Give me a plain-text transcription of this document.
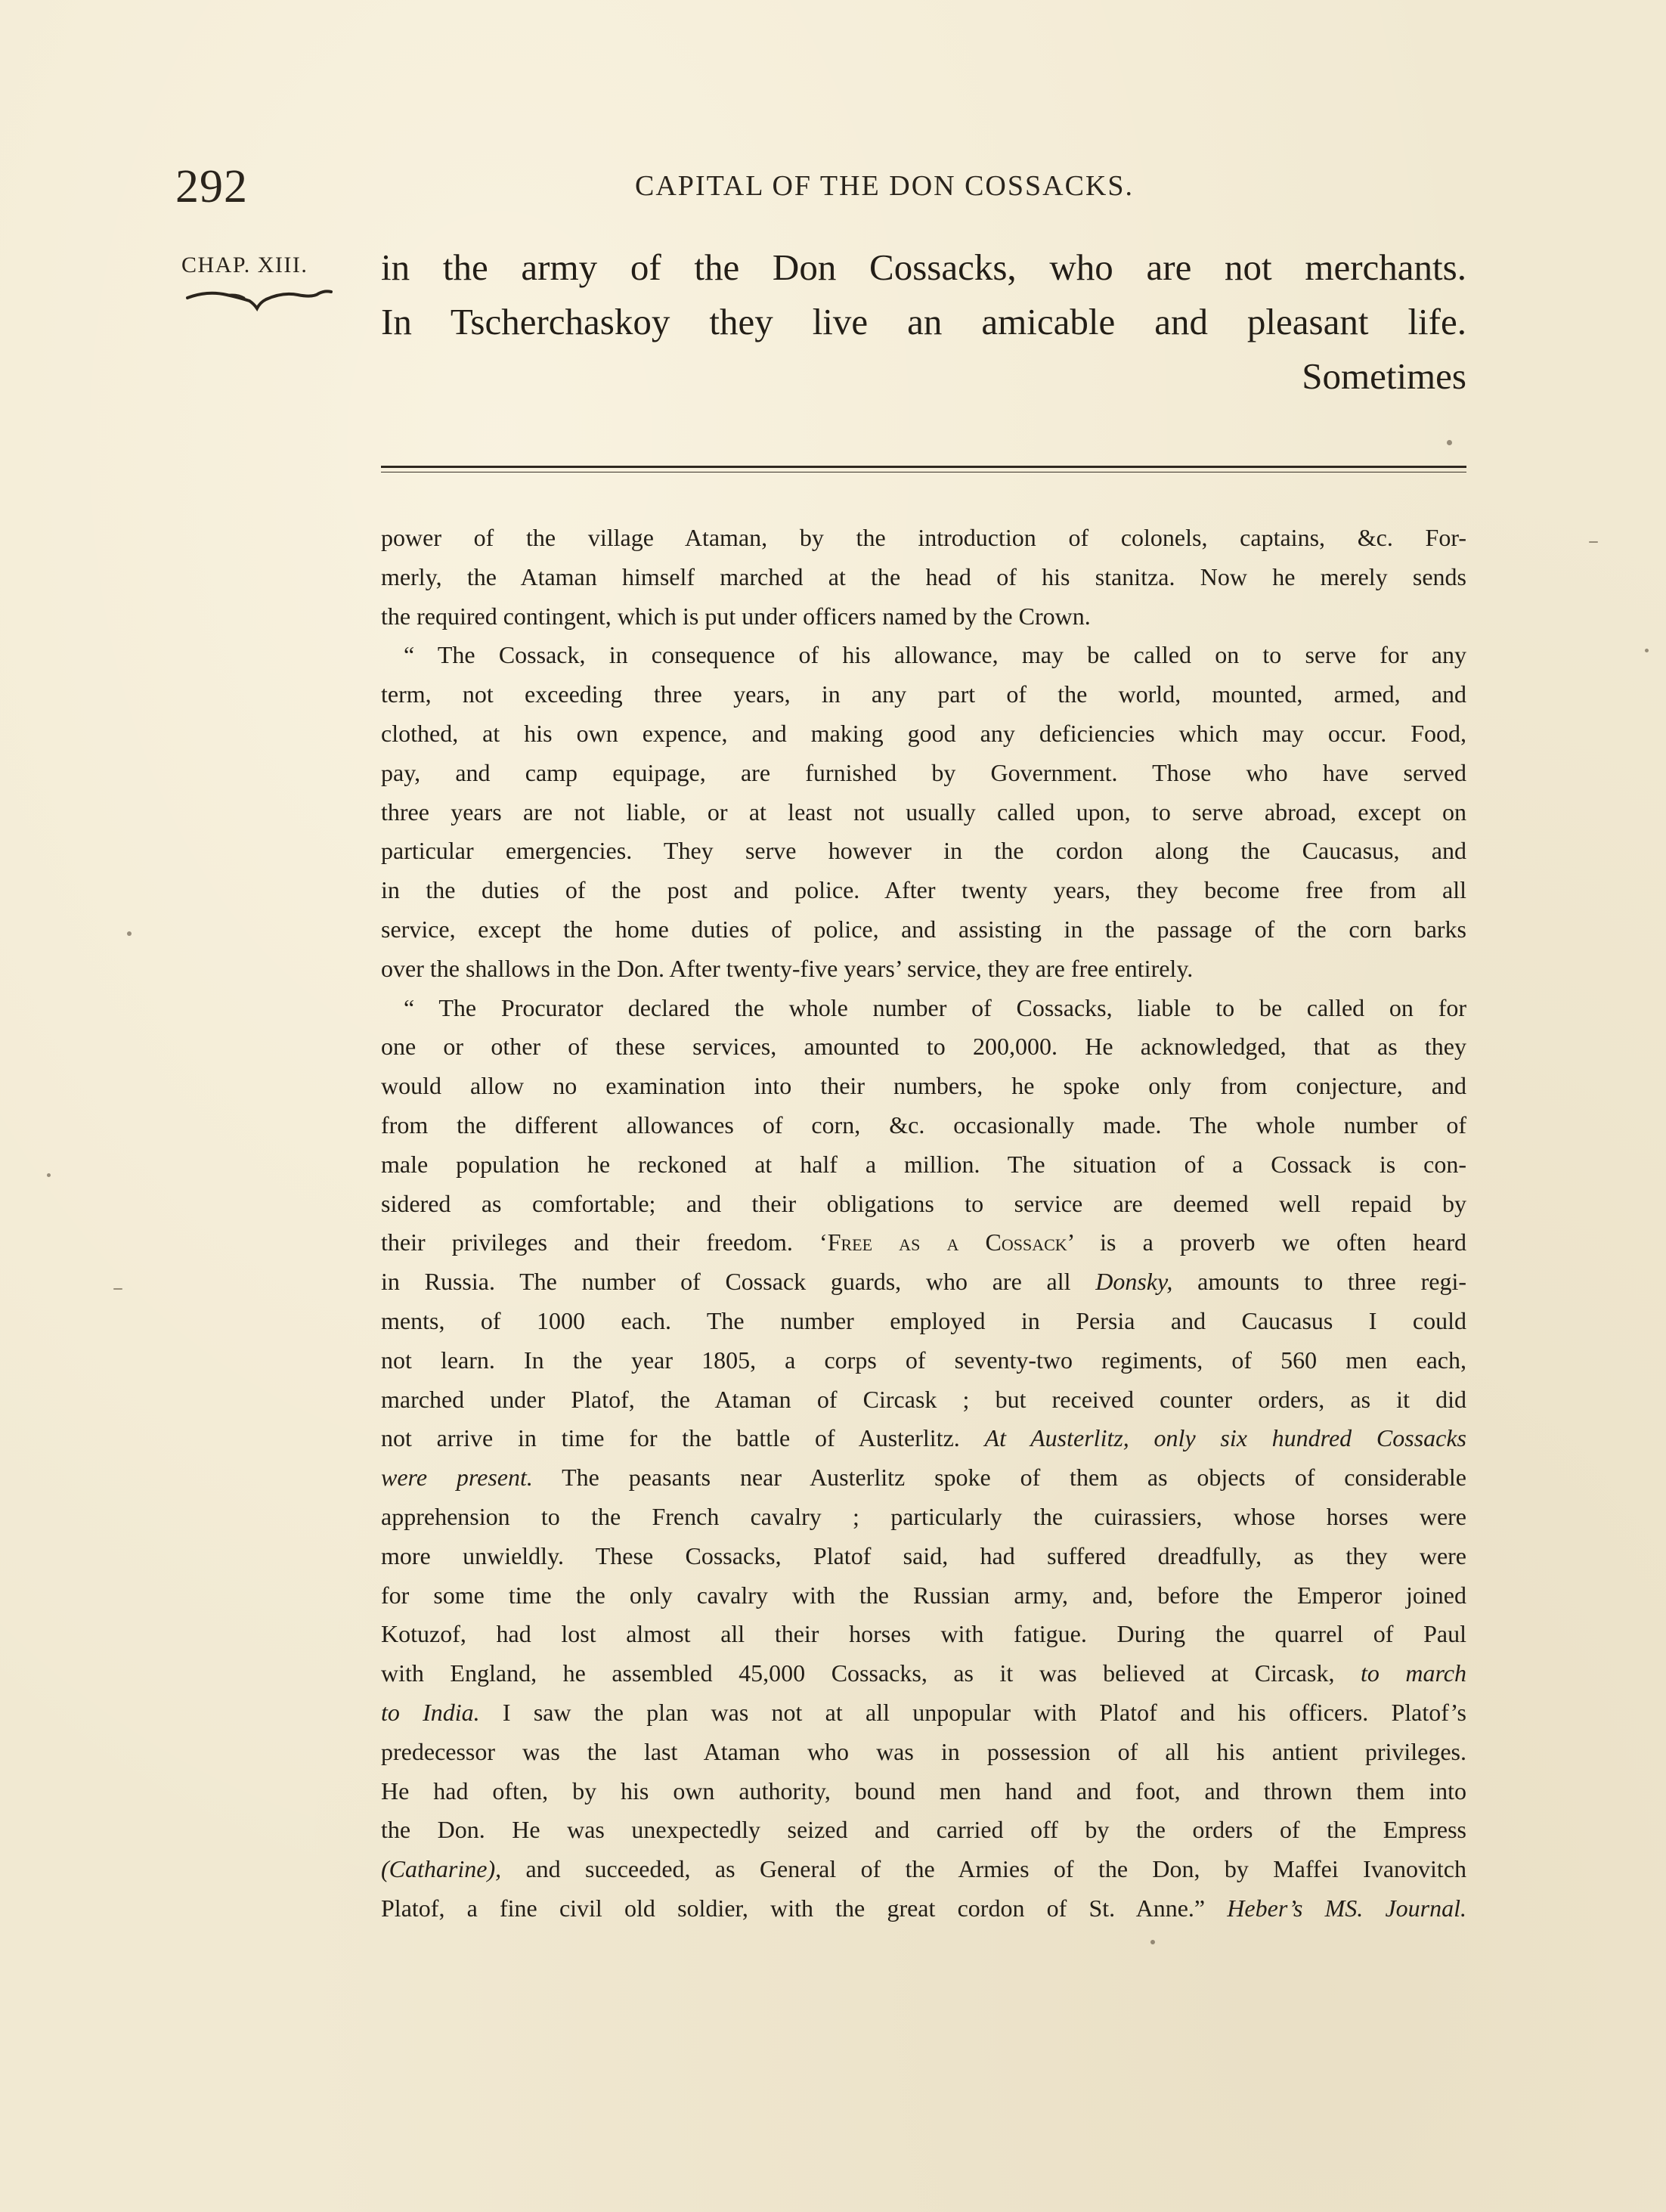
292	CAPITAL OF THE DON COSSACKS.
CHAP. XIII. in the army of the Don Cossacks, who are not merchants.
In Tscherchaskoy they live an amicable and pleasant life.
Sometimes
power of the village Ataman, by the introduction of colonels, captains, &c. For-
merly, the Ataman himself marched at the head of his stanitza. Now he merely sends
the required contingent, which is put under officers named by the Crown.
“ The Cossack, in consequence of his allowance, may be called on to serve for any
term, not exceeding three years, in any part of the world, mounted, armed, and
clothed, at his own expence, and making good any deficiencies which may occur. Food,
pay, and camp equipage, are furnished by Government. Those who have served
three years are not liable, or at least not usually called upon, to serve abroad, except on
particular emergencies. They serve however in the cordon along the Caucasus, and
in the duties of the post and police. After twenty years, they become free from all
service, except the home duties of police, and assisting in the passage of the corn barks
over the shallows in the Don. After twenty-five years’ service, they are free entirely.
“ The Procurator declared the whole number of Cossacks, liable to be called on for
one or other of these services, amounted to 200,000. He acknowledged, that as they
would allow no examination into their numbers, he spoke only from conjecture, and
from the different allowances of corn, &c. occasionally made. The whole number of
male population he reckoned at half a million. The situation of a Cossack is con-
sidered as comfortable; and their obligations to service are deemed well repaid by
their privileges and their freedom. ‘Free as a Cossack’ is a proverb we often heard
in Russia. The number of Cossack guards, who are all Donsky, amounts to three regi-
ments, of 1000 each. The number employed in Persia and Caucasus I could
not learn. In the year 1805, a corps of seventy-two regiments, of 560 men each,
marched under Platof, the Ataman of Circask ; but received counter orders, as it did
not arrive in time for the battle of Austerlitz. At Austerlitz, only six hundred Cossacks
were present. The peasants near Austerlitz spoke of them as objects of considerable
apprehension to the French cavalry ; particularly the cuirassiers, whose horses were
more unwieldly. These Cossacks, Platof said, had suffered dreadfully, as they were
for some time the only cavalry with the Russian army, and, before the Emperor joined
Kotuzof, had lost almost all their horses with fatigue. During the quarrel of Paul
with England, he assembled 45,000 Cossacks, as it was believed at Circask, to march
to India. I saw the plan was not at all unpopular with Platof and his officers. Platof’s
predecessor was the last Ataman who was in possession of all his antient privileges.
He had often, by his own authority, bound men hand and foot, and thrown them into
the Don. He was unexpectedly seized and carried off by the orders of the Empress
(Catharine), and succeeded, as General of the Armies of the Don, by Maffei Ivanovitch
Platof, a fine civil old soldier, with the great cordon of St. Anne.” Heber’s MS. Journal.
